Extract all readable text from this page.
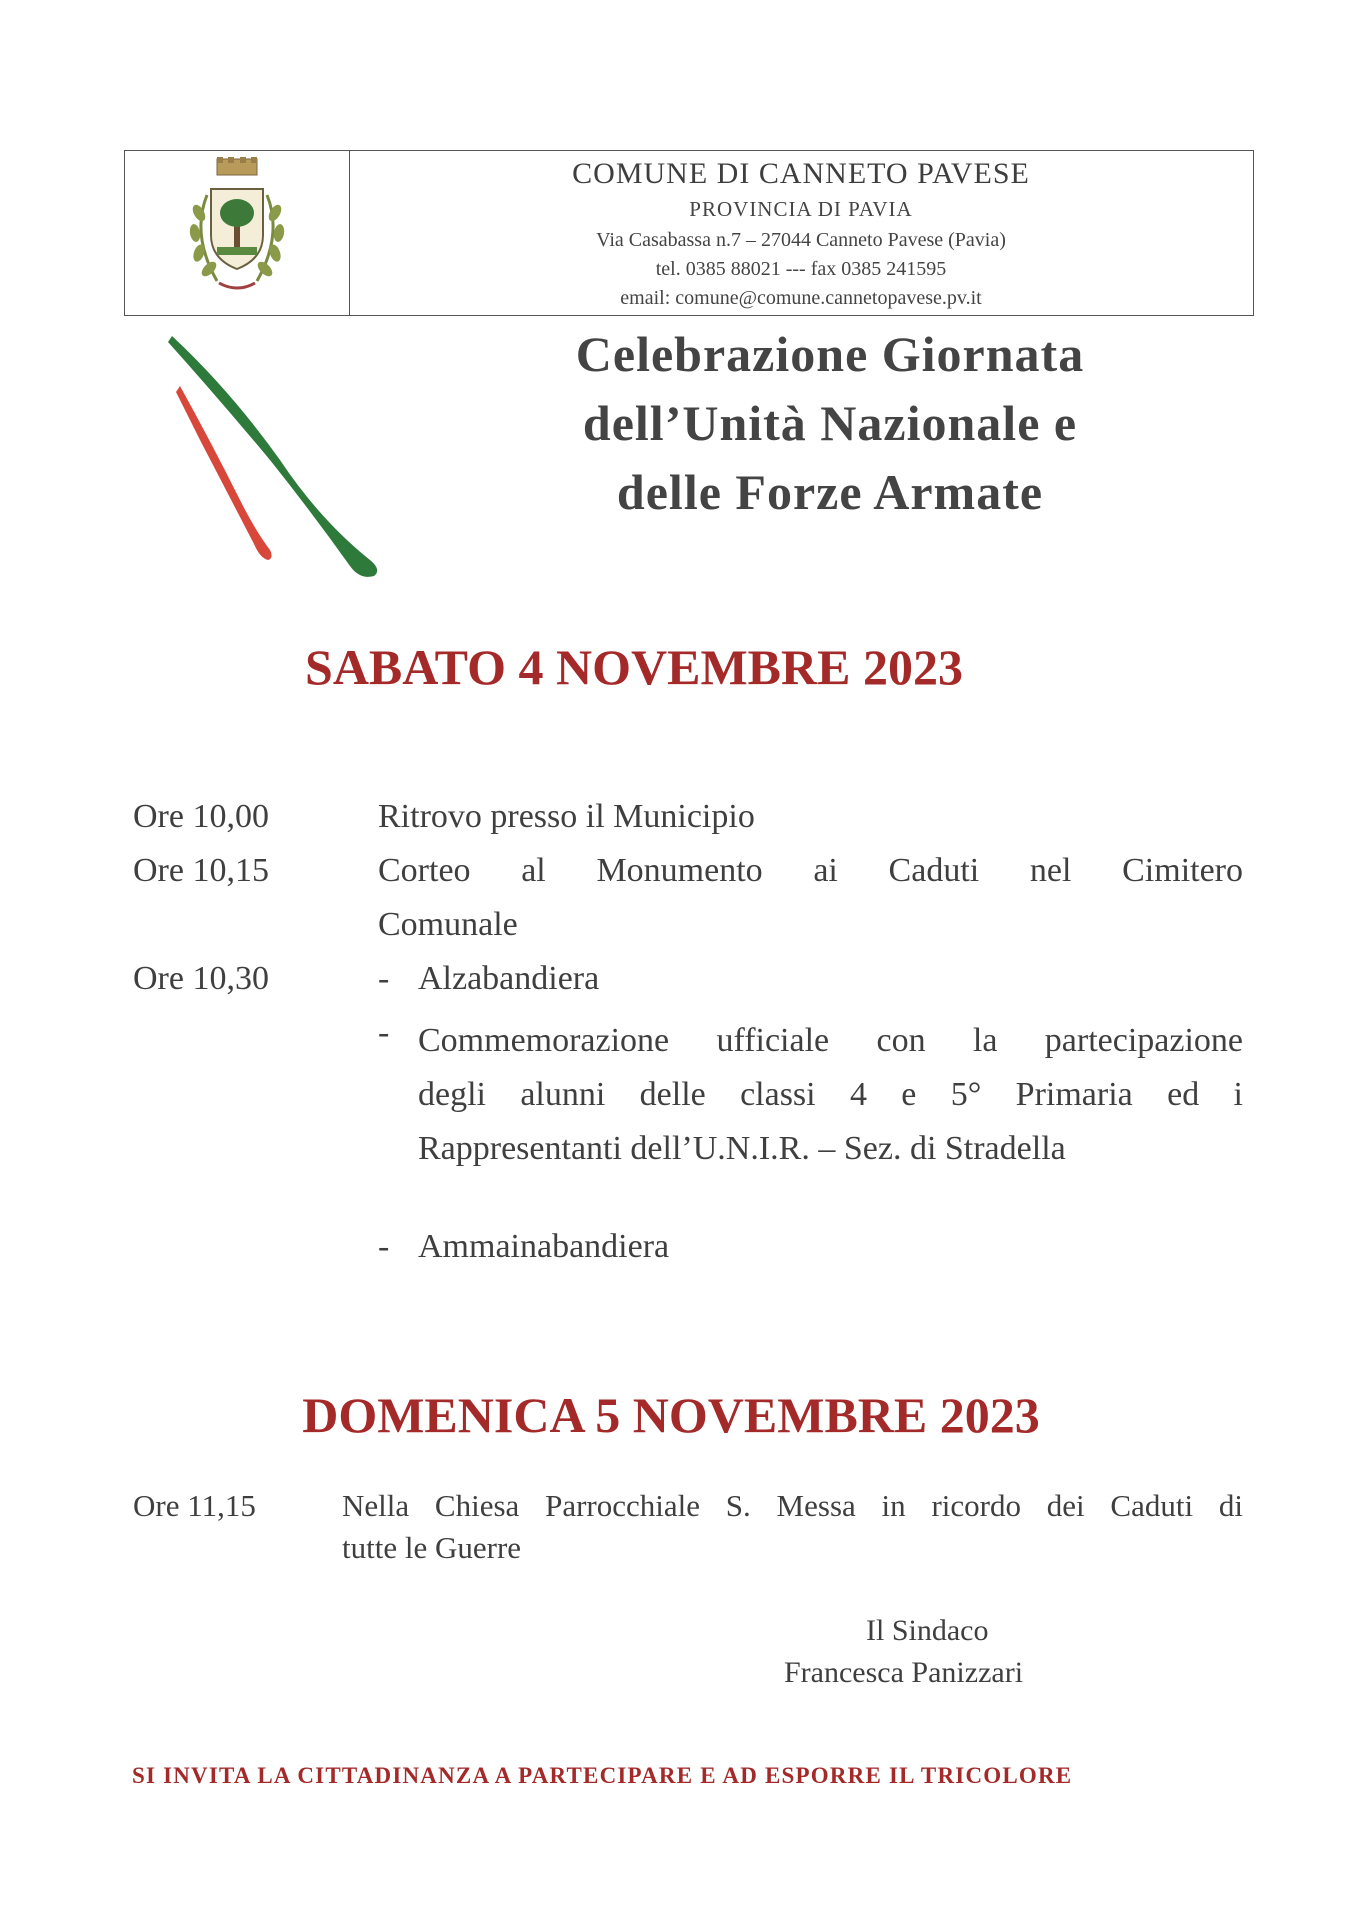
COMUNE DI CANNETO PAVESE
PROVINCIA DI PAVIA
Via Casabassa n.7 – 27044 Canneto Pavese (Pavia)
tel. 0385 88021 --- fax 0385 241595
email: comune@comune.cannetopavese.pv.it
Celebrazione Giornata
dell’Unità Nazionale e
delle Forze Armate
SABATO 4 NOVEMBRE 2023
Ore 10,00	Ritrovo presso il Municipio
Ore 10,15	Corteo al Monumento ai Caduti nel Cimitero
Comunale
Ore 10,30	- Alzabandiera
- Commemorazione ufficiale con la partecipazione
degli alunni delle classi 4 e 5° Primaria ed i
Rappresentanti dell’U.N.I.R. – Sez. di Stradella
- Ammainabandiera
DOMENICA 5 NOVEMBRE 2023
Ore 11,15	Nella Chiesa Parrocchiale S. Messa in ricordo dei Caduti di
tutte le Guerre
Il Sindaco
Francesca Panizzari
SI INVITA LA CITTADINANZA A PARTECIPARE E AD ESPORRE IL TRICOLORE
